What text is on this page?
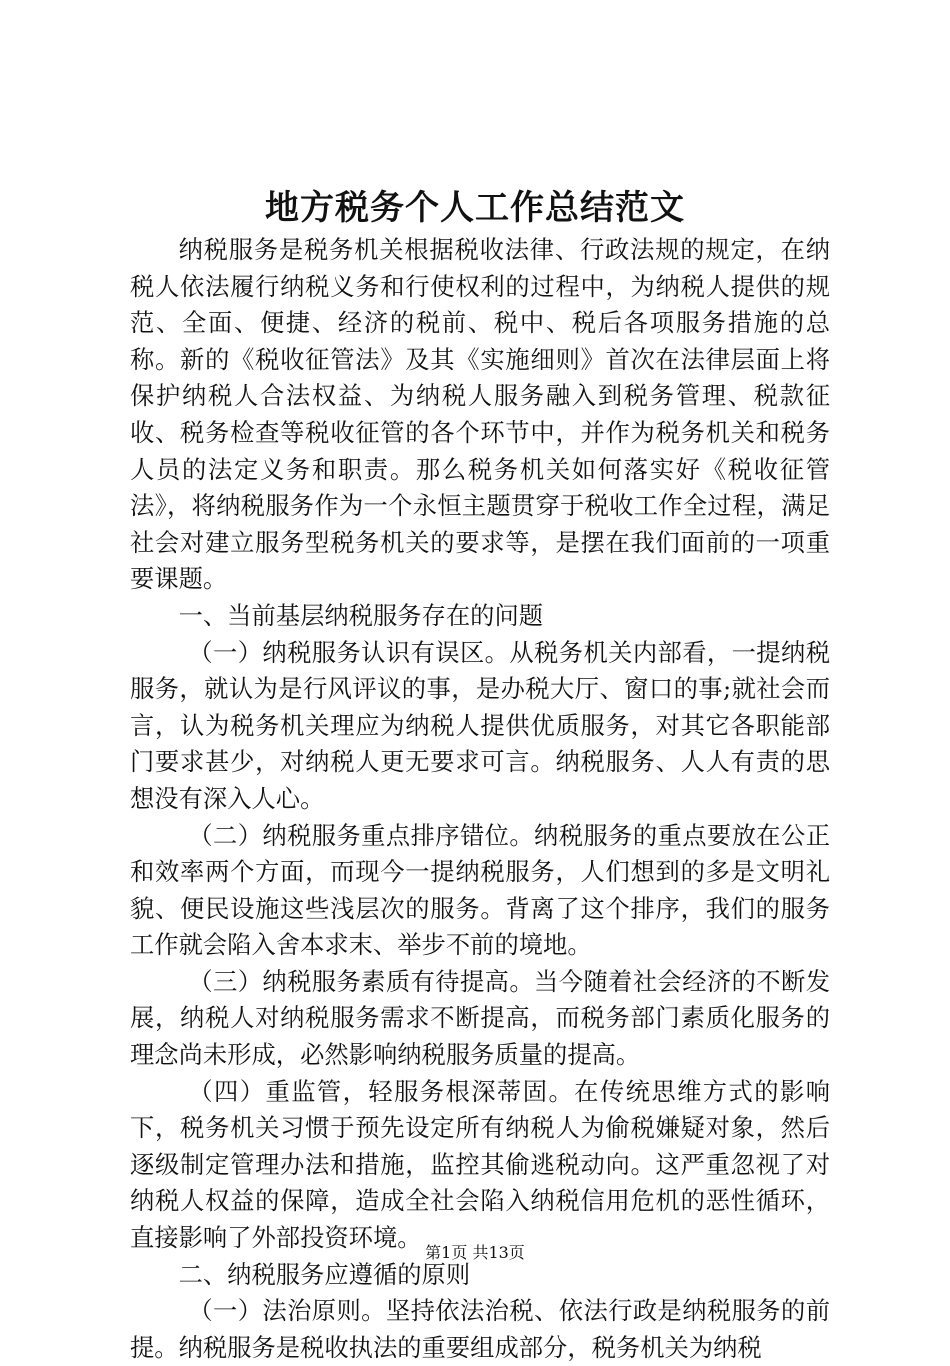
地方税务个人工作总结范文

纳税服务是税务机关根据税收法律、行政法规的规定，在纳税人依法履行纳税义务和行使权利的过程中，为纳税人提供的规范、全面、便捷、经济的税前、税中、税后各项服务措施的总称。新的《税收征管法》及其《实施细则》首次在法律层面上将保护纳税人合法权益、为纳税人服务融入到税务管理、税款征收、税务检查等税收征管的各个环节中，并作为税务机关和税务人员的法定义务和职责。那么税务机关如何落实好《税收征管法》，将纳税服务作为一个永恒主题贯穿于税收工作全过程，满足社会对建立服务型税务机关的要求等，是摆在我们面前的一项重要课题。

一、当前基层纳税服务存在的问题

（一）纳税服务认识有误区。从税务机关内部看，一提纳税服务，就认为是行风评议的事，是办税大厅、窗口的事;就社会而言，认为税务机关理应为纳税人提供优质服务，对其它各职能部门要求甚少，对纳税人更无要求可言。纳税服务、人人有责的思想没有深入人心。

（二）纳税服务重点排序错位。纳税服务的重点要放在公正和效率两个方面，而现今一提纳税服务，人们想到的多是文明礼貌、便民设施这些浅层次的服务。背离了这个排序，我们的服务工作就会陷入舍本求末、举步不前的境地。

（三）纳税服务素质有待提高。当今随着社会经济的不断发展，纳税人对纳税服务需求不断提高，而税务部门素质化服务的理念尚未形成，必然影响纳税服务质量的提高。

（四）重监管，轻服务根深蒂固。在传统思维方式的影响下，税务机关习惯于预先设定所有纳税人为偷税嫌疑对象，然后逐级制定管理办法和措施，监控其偷逃税动向。这严重忽视了对纳税人权益的保障，造成全社会陷入纳税信用危机的恶性循环，直接影响了外部投资环境。

二、纳税服务应遵循的原则

（一）法治原则。坚持依法治税、依法行政是纳税服务的前提。纳税服务是税收执法的重要组成部分，税务机关为纳税

第1页 共13页
